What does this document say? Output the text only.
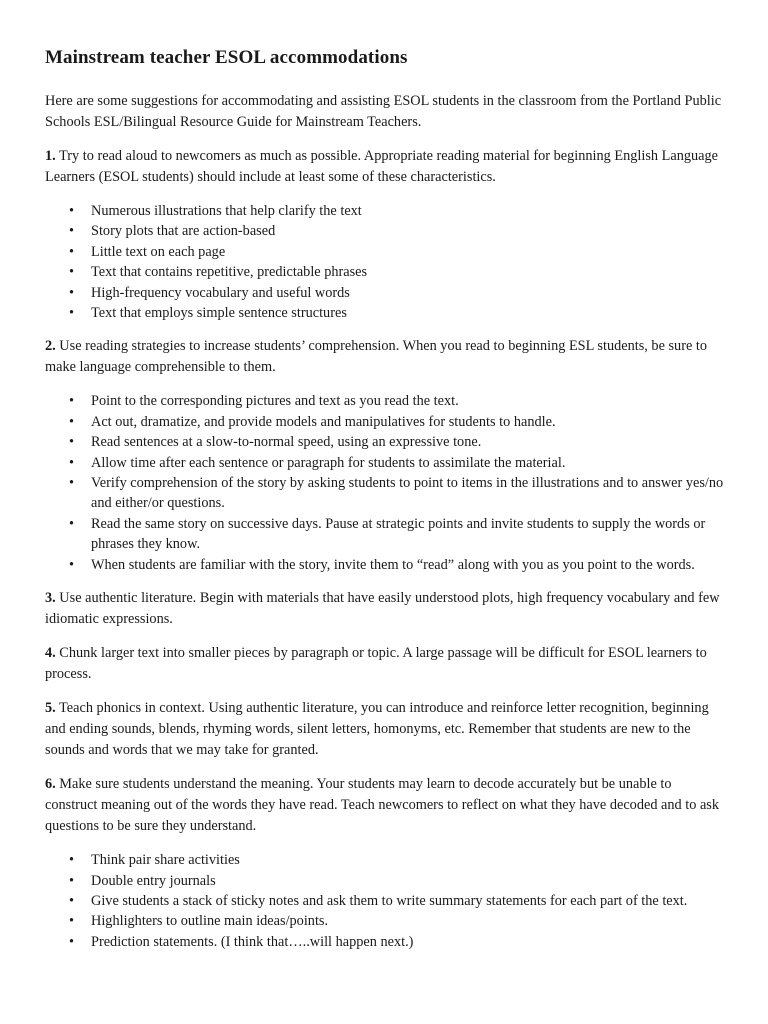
Mainstream teacher ESOL accommodations

Here are some suggestions for accommodating and assisting ESOL students in the classroom from the Portland Public Schools ESL/Bilingual Resource Guide for Mainstream Teachers.

1. Try to read aloud to newcomers as much as possible. Appropriate reading material for beginning English Language Learners (ESOL students) should include at least some of these characteristics.

• Numerous illustrations that help clarify the text
• Story plots that are action-based
• Little text on each page
• Text that contains repetitive, predictable phrases
• High-frequency vocabulary and useful words
• Text that employs simple sentence structures

2. Use reading strategies to increase students’ comprehension. When you read to beginning ESL students, be sure to make language comprehensible to them.

• Point to the corresponding pictures and text as you read the text.
• Act out, dramatize, and provide models and manipulatives for students to handle.
• Read sentences at a slow-to-normal speed, using an expressive tone.
• Allow time after each sentence or paragraph for students to assimilate the material.
• Verify comprehension of the story by asking students to point to items in the illustrations and to answer yes/no and either/or questions.
• Read the same story on successive days. Pause at strategic points and invite students to supply the words or phrases they know.
• When students are familiar with the story, invite them to “read” along with you as you point to the words.

3. Use authentic literature. Begin with materials that have easily understood plots, high frequency vocabulary and few idiomatic expressions.

4. Chunk larger text into smaller pieces by paragraph or topic. A large passage will be difficult for ESOL learners to process.

5. Teach phonics in context. Using authentic literature, you can introduce and reinforce letter recognition, beginning and ending sounds, blends, rhyming words, silent letters, homonyms, etc. Remember that students are new to the sounds and words that we may take for granted.

6. Make sure students understand the meaning. Your students may learn to decode accurately but be unable to construct meaning out of the words they have read. Teach newcomers to reflect on what they have decoded and to ask questions to be sure they understand.

• Think pair share activities
• Double entry journals
• Give students a stack of sticky notes and ask them to write summary statements for each part of the text.
• Highlighters to outline main ideas/points.
• Prediction statements. (I think that…..will happen next.)
